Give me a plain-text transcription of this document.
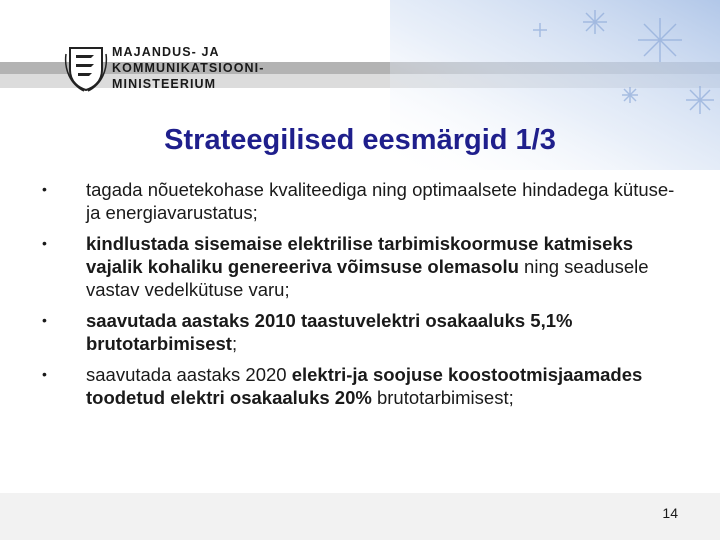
MAJANDUS- JA
KOMMUNIKATSIOONI-
MINISTEERIUM
Strateegilised eesmärgid 1/3
• tagada nõuetekohase kvaliteediga ning optimaalsete hindadega kütuse- ja energiavarustatus;
• kindlustada sisemaise elektrilise tarbimiskoormuse katmiseks vajalik kohaliku genereeriva võimsuse olemasolu ning seadusele vastav vedelkütuse varu;
• saavutada aastaks 2010 taastuvelektri osakaaluks 5,1% brutotarbimisest;
• saavutada aastaks 2020 elektri-ja soojuse koostootmisjaamades toodetud elektri osakaaluks 20% brutotarbimisest;
14
